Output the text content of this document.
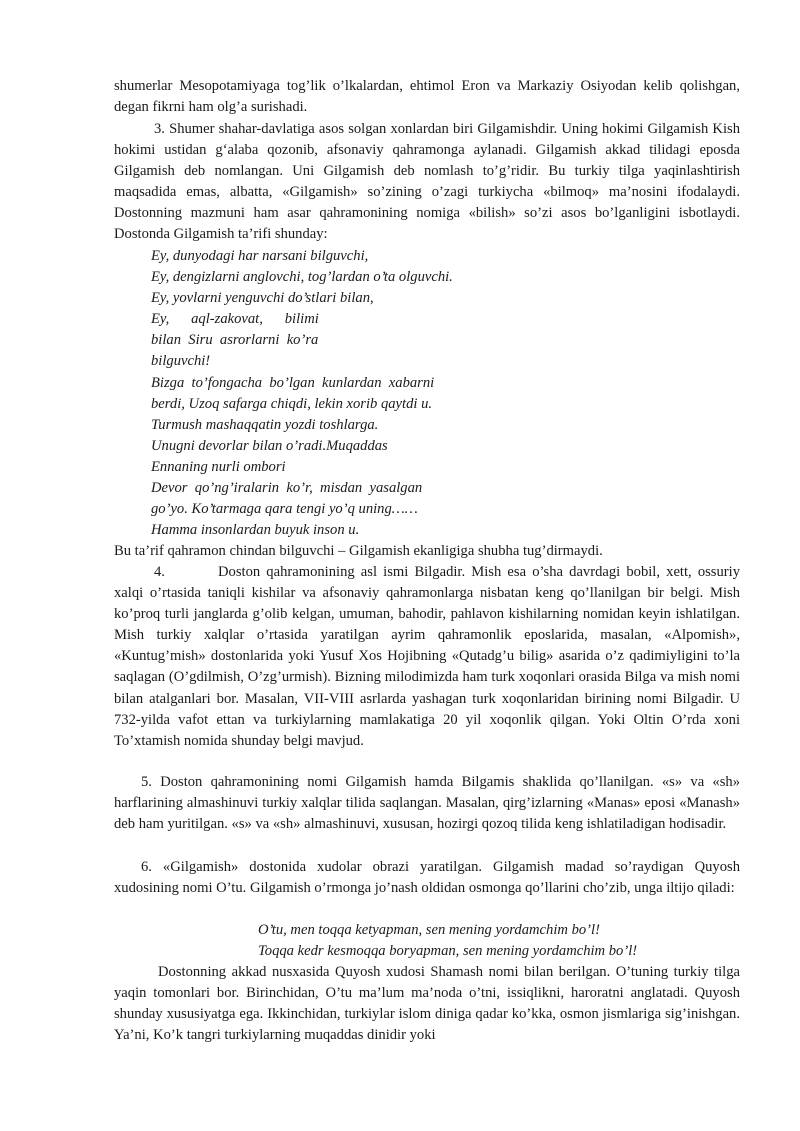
shumerlar Mesopotamiyaga tog’lik o’lkalardan, ehtimol Eron va Markaziy Osiyodan kelib qolishgan, degan fikrni ham olg’a surishadi.

3. Shumer shahar-davlatiga asos solgan xonlardan biri Gilgamishdir. Uning hokimi Gilgamish Kish hokimi ustidan g‘alaba qozonib, afsonaviy qahramonga aylanadi. Gilgamish akkad tilidagi eposda Gilgamish deb nomlangan. Uni Gilgamish deb nomlash to’g’ridir. Bu turkiy tilga yaqinlashtirish maqsadida emas, albatta, «Gilgamish» so’zining o’zagi turkiycha «bilmoq» ma’nosini ifodalaydi. Dostonning mazmuni ham asar qahramonining nomiga «bilish» so’zi asos bo’lganligini isbotlaydi. Dostonda Gilgamish ta’rifi shunday:

Ey, dunyodagi har narsani bilguvchi,
Ey, dengizlarni anglovchi, tog’lardan o’ta olguvchi.
Ey, yovlarni yenguvchi do’stlari bilan,
Ey,      aql-zakovat,      bilimi
bilan  Siru  asrorlarni  ko’ra
bilguvchi!
Bizga  to’fongacha  bo’lgan  kunlardan  xabarni
berdi, Uzoq safarga chiqdi, lekin xorib qaytdi u.
Turmush mashaqqatin yozdi toshlarga.
Unugni devorlar bilan o’radi.Muqaddas
Ennaning nurli ombori
Devor  qo’ng’iralarin  ko’r,  misdan  yasalgan
go’yo. Ko’tarmaga qara tengi yo’q uning……
Hamma insonlardan buyuk inson u.

Bu ta’rif qahramon chindan bilguvchi – Gilgamish ekanligiga shubha tug’dirmaydi.

4.	Doston qahramonining asl ismi Bilgadir. Mish esa o’sha davrdagi bobil, xett, ossuriy xalqi o’rtasida taniqli kishilar va afsonaviy qahramonlarga nisbatan keng qo’llanilgan bir belgi. Mish ko’proq turli janglarda g’olib kelgan, umuman, bahodir, pahlavon kishilarning nomidan keyin ishlatilgan. Mish turkiy xalqlar o’rtasida yaratilgan ayrim qahramonlik eposlarida, masalan, «Alpomish», «Kuntug’mish» dostonlarida yoki Yusuf Xos Hojibning «Qutadg’u bilig» asarida o’z qadimiyligini to’la saqlagan (O’gdilmish, O’zg’urmish). Bizning milodimizda ham turk xoqonlari orasida Bilga va mish nomi bilan atalganlari bor. Masalan, VII-VIII asrlarda yashagan turk xoqonlaridan birining nomi Bilgadir. U 732-yilda vafot ettan va turkiylarning mamlakatiga 20 yil xoqonlik qilgan. Yoki Oltin O’rda xoni To’xtamish nomida shunday belgi mavjud.

5. Doston qahramonining nomi Gilgamish hamda Bilgamis shaklida qo’llanilgan. «s» va «sh» harflarining almashinuvi turkiy xalqlar tilida saqlangan. Masalan, qirg’izlarning «Manas» eposi «Manash» deb ham yuritilgan. «s» va «sh» almashinuvi, xususan, hozirgi qozoq tilida keng ishlatiladigan hodisadir.

6. «Gilgamish» dostonida xudolar obrazi yaratilgan. Gilgamish madad so’raydigan Quyosh xudosining nomi O’tu. Gilgamish o’rmonga jo’nash oldidan osmonga qo’llarini cho’zib, unga iltijo qiladi:

O’tu, men toqqa ketyapman, sen mening yordamchim bo’l!
Toqqa kedr kesmoqqa boryapman, sen mening yordamchim bo’l!

Dostonning akkad nusxasida Quyosh xudosi Shamash nomi bilan berilgan. O’tuning turkiy tilga yaqin tomonlari bor. Birinchidan, O’tu ma’lum ma’noda o’tni, issiqlikni, haroratni anglatadi. Quyosh shunday xususiyatga ega. Ikkinchidan, turkiylar islom diniga qadar ko’kka, osmon jismlariga sig’inishgan. Ya’ni, Ko’k tangri turkiylarning muqaddas dinidir yoki
